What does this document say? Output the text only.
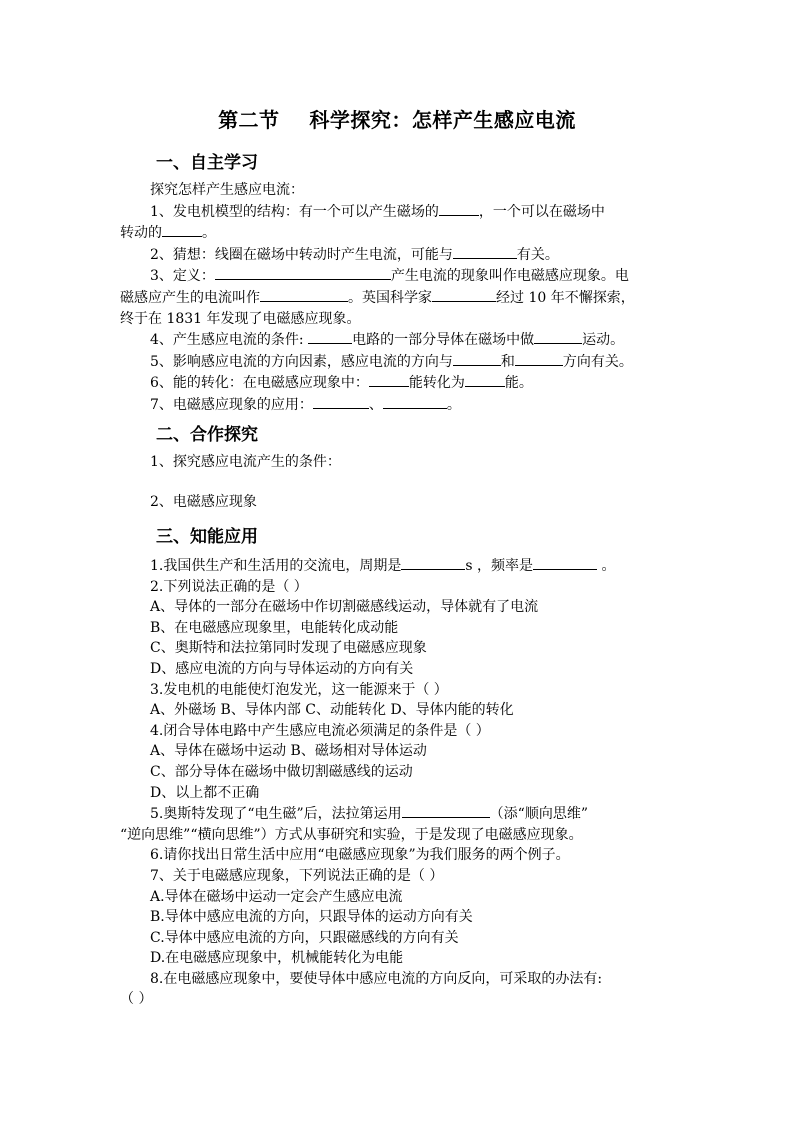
第二节    科学探究：怎样产生感应电流
一、自主学习
探究怎样产生感应电流：
1、发电机模型的结构：有一个可以产生磁场的	，一个可以在磁场中
转动的	。
2、猜想：线圈在磁场中转动时产生电流，可能与	有关。
3、定义：	产生电流的现象叫作电磁感应现象。电
磁感应产生的电流叫作	。英国科学家	经过 10 年不懈探索，
终于在 1831 年发现了电磁感应现象。
4、产生感应电流的条件:	电路的一部分导体在磁场中做	运动。
5、影响感应电流的方向因素，感应电流的方向与	和	方向有关。
6、能的转化：在电磁感应现象中：	能转化为	能。
7、电磁感应现象的应用：	、	。
二、合作探究
1、探究感应电流产生的条件：
2、电磁感应现象
三、知能应用
1.我国供生产和生活用的交流电，周期是	s ，频率是	。
2.下列说法正确的是（ ）
A、导体的一部分在磁场中作切割磁感线运动，导体就有了电流
B、在电磁感应现象里，电能转化成动能
C、奥斯特和法拉第同时发现了电磁感应现象
D、感应电流的方向与导体运动的方向有关
3.发电机的电能使灯泡发光，这一能源来于（ ）
A、外磁场 B、导体内部 C、动能转化 D、导体内能的转化
4.闭合导体电路中产生感应电流必须满足的条件是（ ）
A、导体在磁场中运动 B、磁场相对导体运动
C、部分导体在磁场中做切割磁感线的运动
D、以上都不正确
5.奥斯特发现了“电生磁”后，法拉第运用	（添“顺向思维”
“逆向思维”“横向思维”）方式从事研究和实验，于是发现了电磁感应现象。
6.请你找出日常生活中应用“电磁感应现象”为我们服务的两个例子。
7、关于电磁感应现象，下列说法正确的是（ ）
A.导体在磁场中运动一定会产生感应电流
B.导体中感应电流的方向，只跟导体的运动方向有关
C.导体中感应电流的方向，只跟磁感线的方向有关
D.在电磁感应现象中，机械能转化为电能
8.在电磁感应现象中，要使导体中感应电流的方向反向，可采取的办法有:
（ ）
